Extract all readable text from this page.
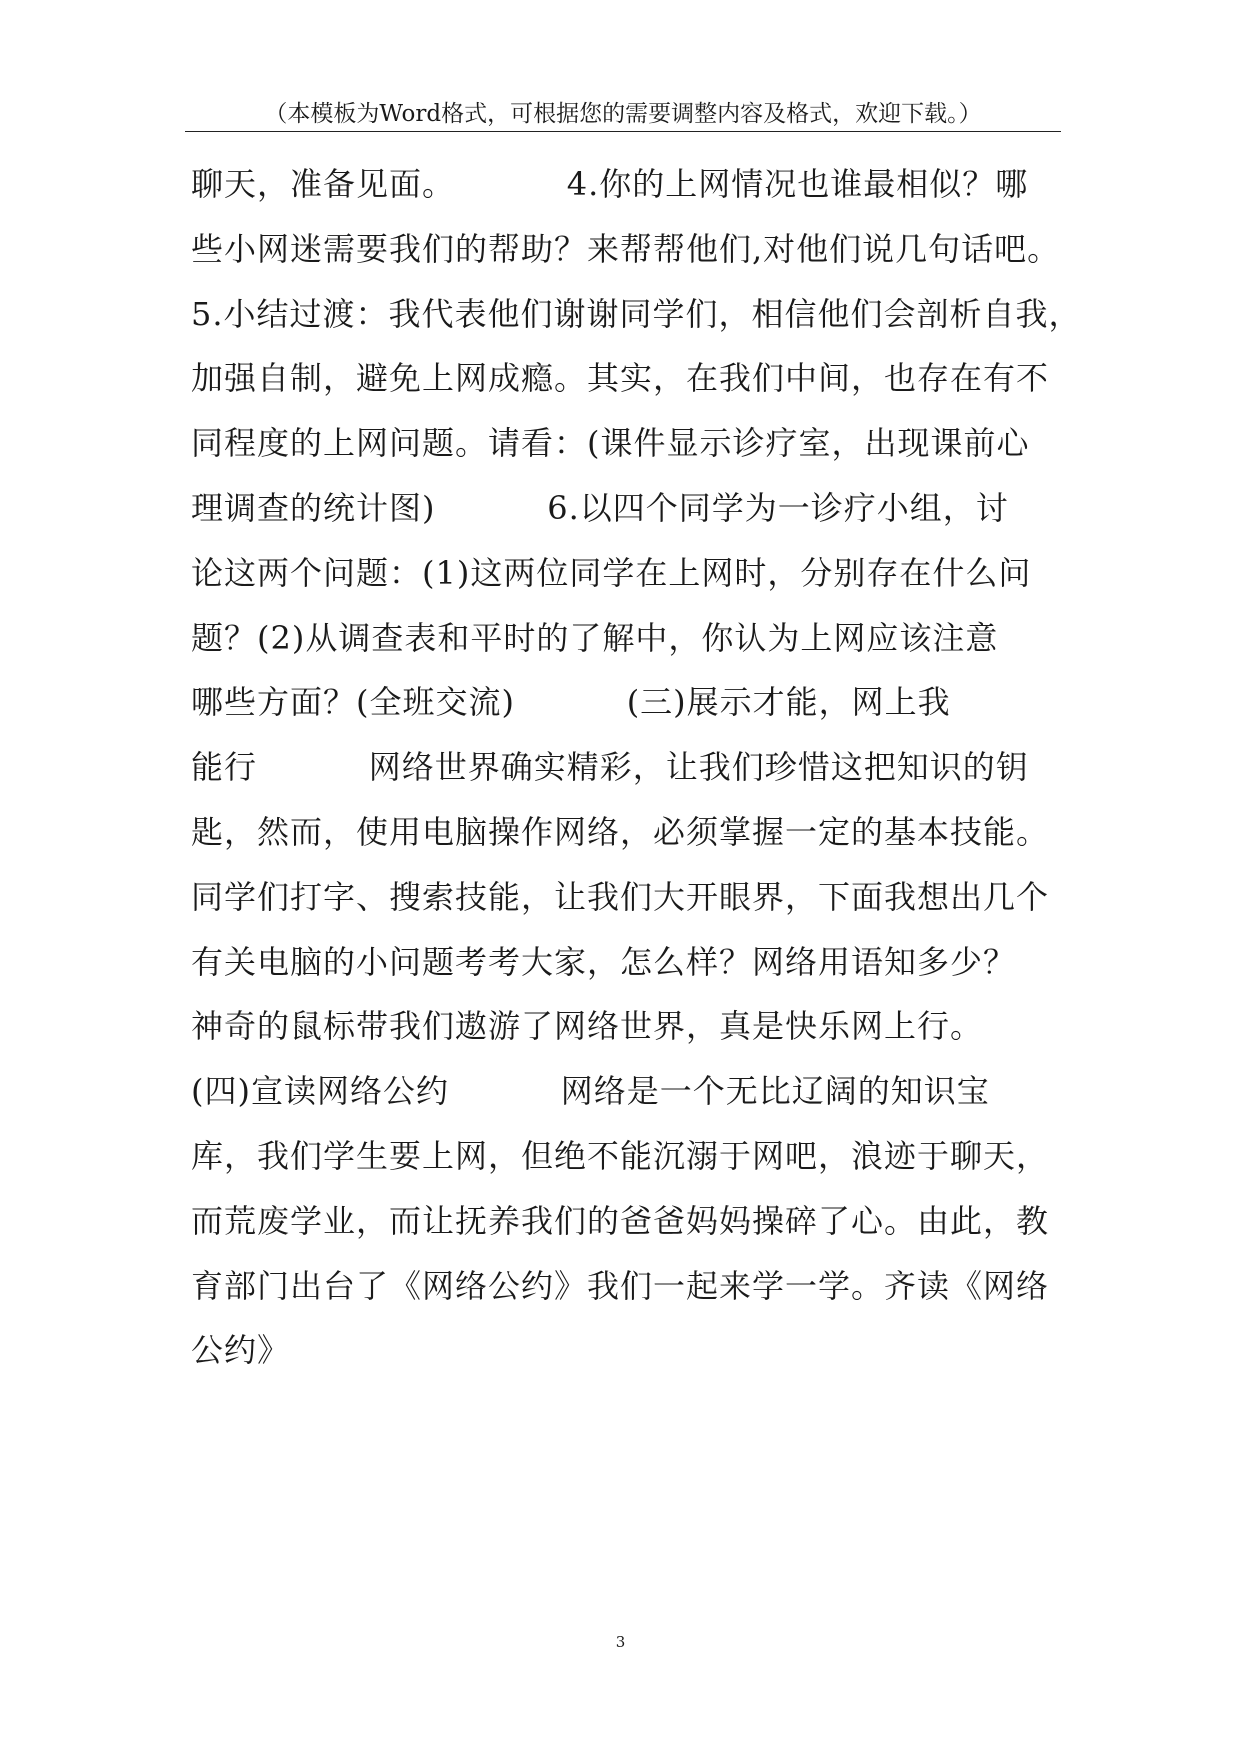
（本模板为Word格式，可根据您的需要调整内容及格式，欢迎下载。）
聊天，准备见面。          4.你的上网情况也谁最相似？哪
些小网迷需要我们的帮助？来帮帮他们,对他们说几句话吧。
5.小结过渡：我代表他们谢谢同学们，相信他们会剖析自我，
加强自制，避免上网成瘾。其实，在我们中间，也存在有不
同程度的上网问题。请看：(课件显示诊疗室，出现课前心
理调查的统计图)          6.以四个同学为一诊疗小组，讨
论这两个问题：(1)这两位同学在上网时，分别存在什么问
题？(2)从调查表和平时的了解中，你认为上网应该注意
哪些方面？(全班交流)          (三)展示才能，网上我
能行          网络世界确实精彩，让我们珍惜这把知识的钥
匙，然而，使用电脑操作网络，必须掌握一定的基本技能。
同学们打字、搜索技能，让我们大开眼界，下面我想出几个
有关电脑的小问题考考大家，怎么样？网络用语知多少？
神奇的鼠标带我们遨游了网络世界，真是快乐网上行。
(四)宣读网络公约          网络是一个无比辽阔的知识宝
库，我们学生要上网，但绝不能沉溺于网吧，浪迹于聊天，
而荒废学业，而让抚养我们的爸爸妈妈操碎了心。由此，教
育部门出台了《网络公约》我们一起来学一学。齐读《网络
公约》
3
